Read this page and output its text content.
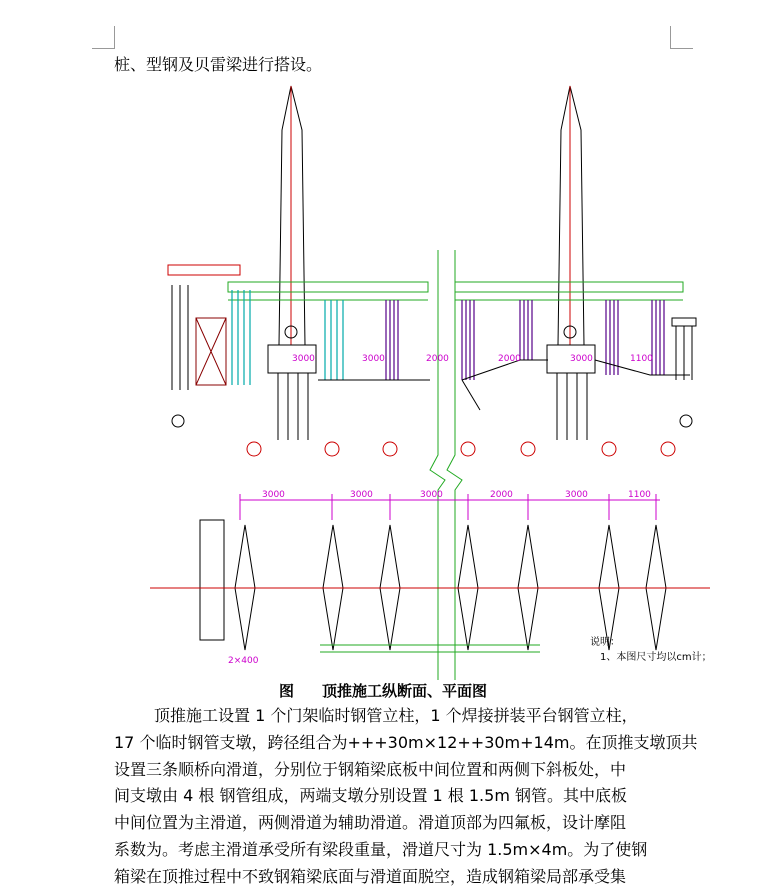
桩、型钢及贝雷梁进行搭设。
3000	3000	2000	2000	3000	1100
3000	3000	3000	2000	3000	1100
说明：
1、本图尺寸均以cm计；
2×400
图 顶推施工纵断面、平面图
顶推施工设置 1 个门架临时钢管立柱，1 个焊接拼装平台钢管立柱，
17 个临时钢管支墩，跨径组合为+++30m×12++30m+14m。在顶推支墩顶共
设置三条顺桥向滑道，分别位于钢箱梁底板中间位置和两侧下斜板处，中
间支墩由 4 根 钢管组成，两端支墩分别设置 1 根 1.5m 钢管。其中底板
中间位置为主滑道，两侧滑道为辅助滑道。滑道顶部为四氟板，设计摩阻
系数为。考虑主滑道承受所有梁段重量，滑道尺寸为 1.5m×4m。为了使钢
箱梁在顶推过程中不致钢箱梁底面与滑道面脱空，造成钢箱梁局部承受集
